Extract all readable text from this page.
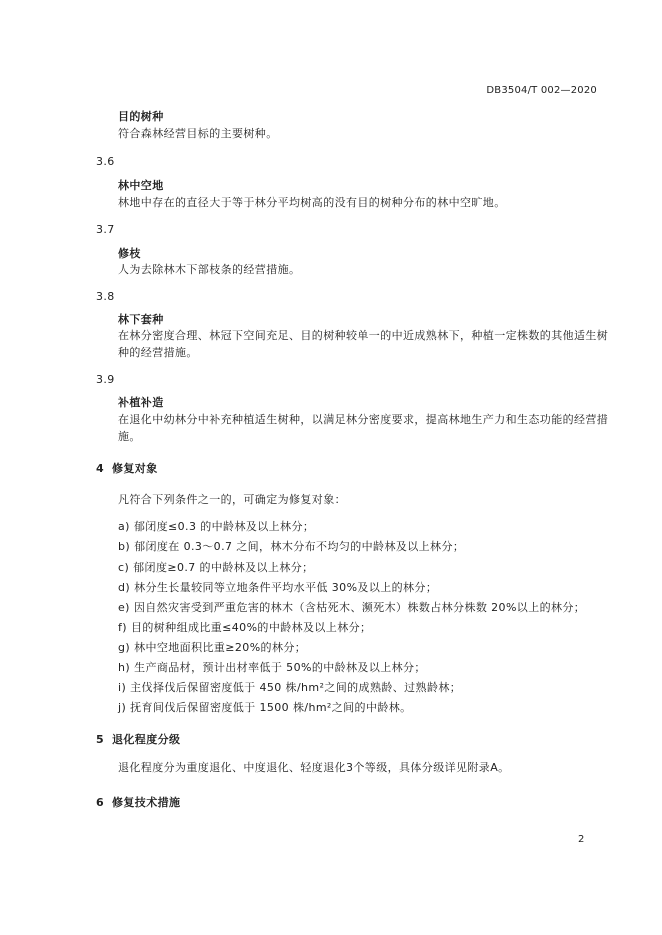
DB3504/T 002—2020
目的树种
符合森林经营目标的主要树种。
3.6
林中空地
林地中存在的直径大于等于林分平均树高的没有目的树种分布的林中空旷地。
3.7
修枝
人为去除林木下部枝条的经营措施。
3.8
林下套种
在林分密度合理、林冠下空间充足、目的树种较单一的中近成熟林下，种植一定株数的其他适生树
种的经营措施。
3.9
补植补造
在退化中幼林分中补充种植适生树种，以满足林分密度要求，提高林地生产力和生态功能的经营措
施。
4 修复对象
凡符合下列条件之一的，可确定为修复对象：
a) 郁闭度≤0.3 的中龄林及以上林分；
b) 郁闭度在 0.3～0.7 之间，林木分布不均匀的中龄林及以上林分；
c) 郁闭度≥0.7 的中龄林及以上林分；
d) 林分生长量较同等立地条件平均水平低 30%及以上的林分；
e) 因自然灾害受到严重危害的林木（含枯死木、濒死木）株数占林分株数 20%以上的林分；
f) 目的树种组成比重≤40%的中龄林及以上林分；
g) 林中空地面积比重≥20%的林分；
h) 生产商品材，预计出材率低于 50%的中龄林及以上林分；
i) 主伐择伐后保留密度低于 450 株/hm²之间的成熟龄、过熟龄林；
j) 抚育间伐后保留密度低于 1500 株/hm²之间的中龄林。
5 退化程度分级
退化程度分为重度退化、中度退化、轻度退化3个等级，具体分级详见附录A。
6 修复技术措施
2
